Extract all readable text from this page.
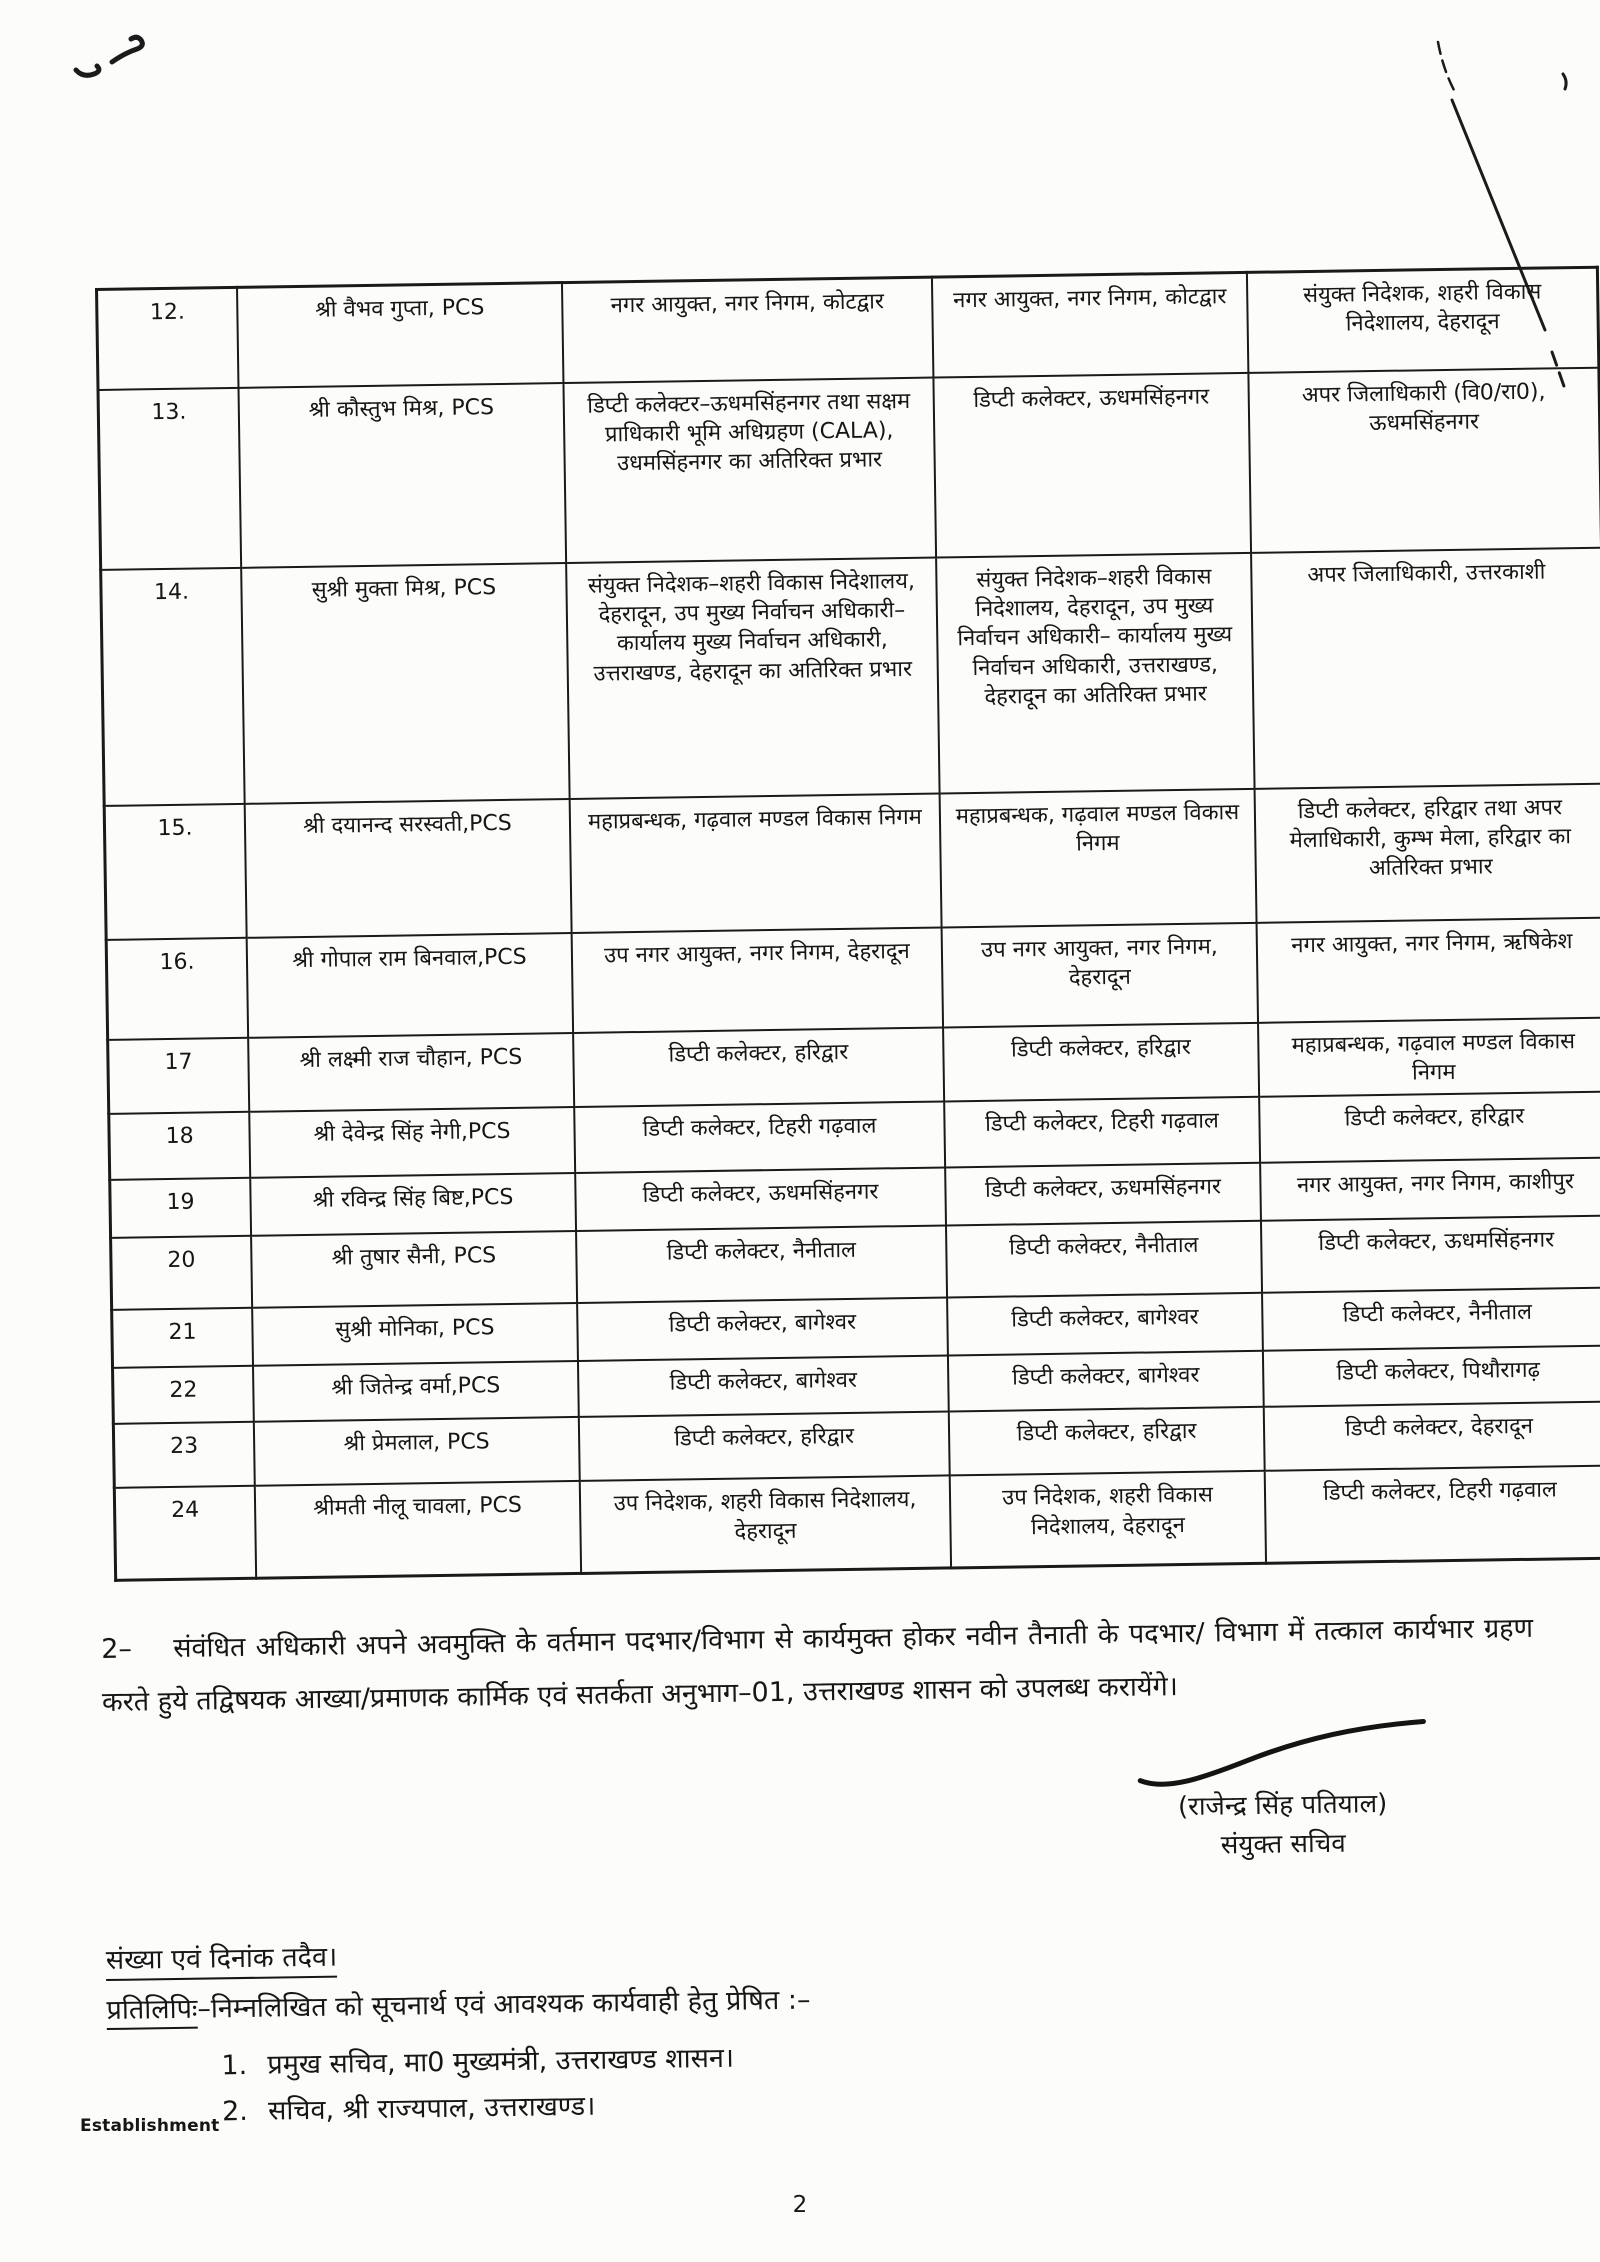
12.	श्री वैभव गुप्ता, PCS	नगर आयुक्त, नगर निगम, कोटद्वार	नगर आयुक्त, नगर निगम, कोटद्वार	संयुक्त निदेशक, शहरी विकास निदेशालय, देहरादून
13.	श्री कौस्तुभ मिश्र, PCS	डिप्टी कलेक्टर–ऊधमसिंहनगर तथा सक्षम प्राधिकारी भूमि अधिग्रहण (CALA), उधमसिंहनगर का अतिरिक्त प्रभार	डिप्टी कलेक्टर, ऊधमसिंहनगर	अपर जिलाधिकारी (वि0/रा0), ऊधमसिंहनगर
14.	सुश्री मुक्ता मिश्र, PCS	संयुक्त निदेशक–शहरी विकास निदेशालय, देहरादून, उप मुख्य निर्वाचन अधिकारी–कार्यालय मुख्य निर्वाचन अधिकारी, उत्तराखण्ड, देहरादून का अतिरिक्त प्रभार	संयुक्त निदेशक–शहरी विकास निदेशालय, देहरादून, उप मुख्य निर्वाचन अधिकारी– कार्यालय मुख्य निर्वाचन अधिकारी, उत्तराखण्ड, देहरादून का अतिरिक्त प्रभार	अपर जिलाधिकारी, उत्तरकाशी
15.	श्री दयानन्द सरस्वती,PCS	महाप्रबन्धक, गढ़वाल मण्डल विकास निगम	महाप्रबन्धक, गढ़वाल मण्डल विकास निगम	डिप्टी कलेक्टर, हरिद्वार तथा अपर मेलाधिकारी, कुम्भ मेला, हरिद्वार का अतिरिक्त प्रभार
16.	श्री गोपाल राम बिनवाल,PCS	उप नगर आयुक्त, नगर निगम, देहरादून	उप नगर आयुक्त, नगर निगम, देहरादून	नगर आयुक्त, नगर निगम, ऋषिकेश
17	श्री लक्ष्मी राज चौहान, PCS	डिप्टी कलेक्टर, हरिद्वार	डिप्टी कलेक्टर, हरिद्वार	महाप्रबन्धक, गढ़वाल मण्डल विकास निगम
18	श्री देवेन्द्र सिंह नेगी,PCS	डिप्टी कलेक्टर, टिहरी गढ़वाल	डिप्टी कलेक्टर, टिहरी गढ़वाल	डिप्टी कलेक्टर, हरिद्वार
19	श्री रविन्द्र सिंह बिष्ट,PCS	डिप्टी कलेक्टर, ऊधमसिंहनगर	डिप्टी कलेक्टर, ऊधमसिंहनगर	नगर आयुक्त, नगर निगम, काशीपुर
20	श्री तुषार सैनी, PCS	डिप्टी कलेक्टर, नैनीताल	डिप्टी कलेक्टर, नैनीताल	डिप्टी कलेक्टर, ऊधमसिंहनगर
21	सुश्री मोनिका, PCS	डिप्टी कलेक्टर, बागेश्वर	डिप्टी कलेक्टर, बागेश्वर	डिप्टी कलेक्टर, नैनीताल
22	श्री जितेन्द्र वर्मा,PCS	डिप्टी कलेक्टर, बागेश्वर	डिप्टी कलेक्टर, बागेश्वर	डिप्टी कलेक्टर, पिथौरागढ़
23	श्री प्रेमलाल, PCS	डिप्टी कलेक्टर, हरिद्वार	डिप्टी कलेक्टर, हरिद्वार	डिप्टी कलेक्टर, देहरादून
24	श्रीमती नीलू चावला, PCS	उप निदेशक, शहरी विकास निदेशालय, देहरादून	उप निदेशक, शहरी विकास निदेशालय, देहरादून	डिप्टी कलेक्टर, टिहरी गढ़वाल
2– संवंधित अधिकारी अपने अवमुक्ति के वर्तमान पदभार/विभाग से कार्यमुक्त होकर नवीन तैनाती के पदभार/ विभाग में तत्काल कार्यभार ग्रहण करते हुये तद्विषयक आख्या/प्रमाणक कार्मिक एवं सतर्कता अनुभाग–01, उत्तराखण्ड शासन को उपलब्ध करायेंगे।
(राजेन्द्र सिंह पतियाल)
संयुक्त सचिव
संख्या एवं दिनांक तदैव।
प्रतिलिपिः–निम्नलिखित को सूचनार्थ एवं आवश्यक कार्यवाही हेतु प्रेषित :–
1. प्रमुख सचिव, मा0 मुख्यमंत्री, उत्तराखण्ड शासन।
2. सचिव, श्री राज्यपाल, उत्तराखण्ड।
Establishment
2
